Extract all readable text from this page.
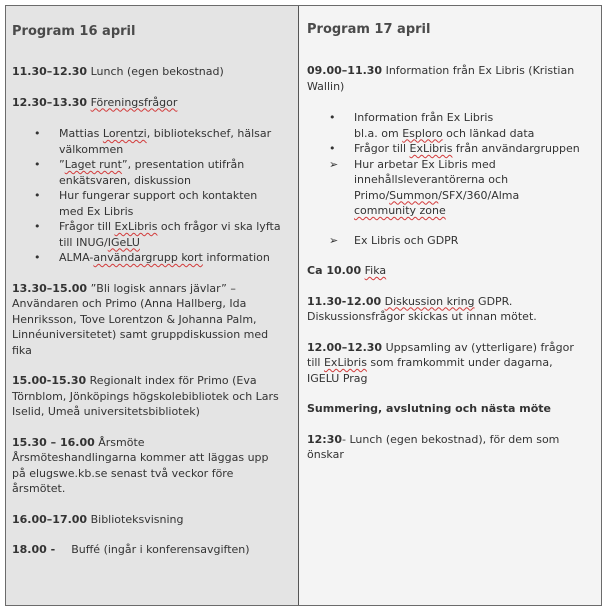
Program 16 april

11.30–12.30 Lunch (egen bekostnad)

12.30–13.30 Föreningsfrågor

• Mattias Lorentzi, bibliotekschef, hälsar
välkommen
• ”Laget runt”, presentation utifrån
enkätsvaren, diskussion
• Hur fungerar support och kontakten
med Ex Libris
• Frågor till ExLibris och frågor vi ska lyfta
till INUG/IGeLU
• ALMA-användargrupp kort information

13.30–15.00 ”Bli logisk annars jävlar” –
Användaren och Primo (Anna Hallberg, Ida
Henriksson, Tove Lorentzon & Johanna Palm,
Linnéuniversitetet) samt gruppdiskussion med
fika

15.00-15.30 Regionalt index för Primo (Eva
Törnblom, Jönköpings högskolebibliotek och Lars
Iselid, Umeå universitetsbibliotek)

15.30 – 16.00 Årsmöte
Årsmöteshandlingarna kommer att läggas upp
på elugswe.kb.se senast två veckor före
årsmötet.

16.00–17.00 Biblioteksvisning

18.00 - Buffé (ingår i konferensavgiften)

Program 17 april

09.00–11.30 Information från Ex Libris (Kristian
Wallin)

• Information från Ex Libris
bl.a. om Esploro och länkad data
• Frågor till ExLibris från användargruppen
➢ Hur arbetar Ex Libris med
innehållsleverantörerna och
Primo/Summon/SFX/360/Alma
community zone
➢ Ex Libris och GDPR

Ca 10.00 Fika

11.30-12.00 Diskussion kring GDPR.
Diskussionsfrågor skickas ut innan mötet.

12.00–12.30 Uppsamling av (ytterligare) frågor
till ExLibris som framkommit under dagarna,
IGELU Prag

Summering, avslutning och nästa möte

12:30- Lunch (egen bekostnad), för dem som
önskar
